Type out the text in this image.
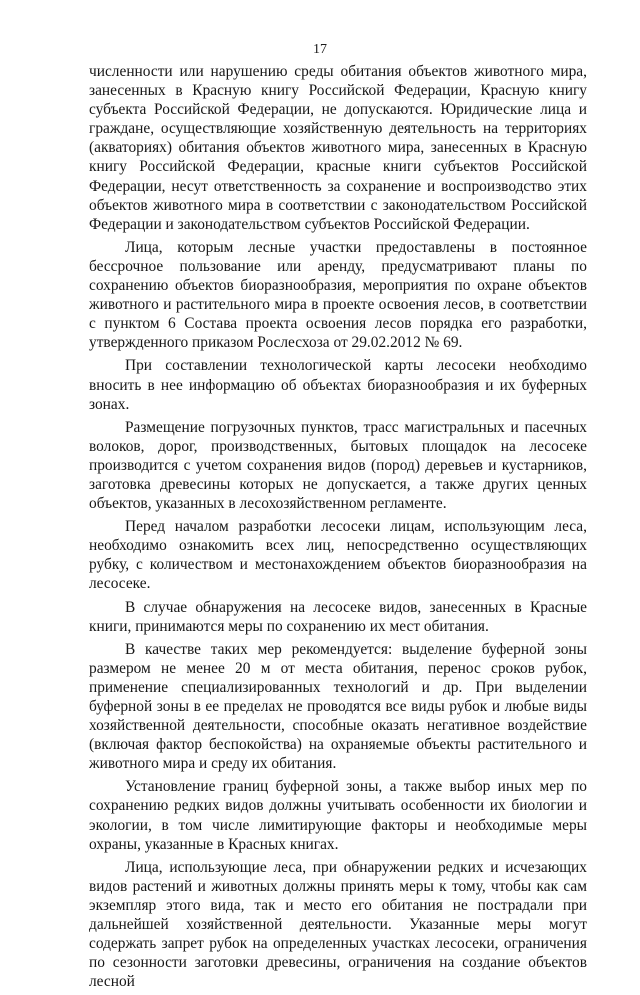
17

численности или нарушению среды обитания объектов животного мира, занесенных в Красную книгу Российской Федерации, Красную книгу субъекта Российской Федерации, не допускаются. Юридические лица и граждане, осуществляющие хозяйственную деятельность на территориях (акваториях) обитания объектов животного мира, занесенных в Красную книгу Российской Федерации, красные книги субъектов Российской Федерации, несут ответственность за сохранение и воспроизводство этих объектов животного мира в соответствии с законодательством Российской Федерации и законодательством субъектов Российской Федерации.

Лица, которым лесные участки предоставлены в постоянное бессрочное пользование или аренду, предусматривают планы по сохранению объектов биоразнообразия, мероприятия по охране объектов животного и растительного мира в проекте освоения лесов, в соответствии с пунктом 6 Состава проекта освоения лесов порядка его разработки, утвержденного приказом Рослесхоза от 29.02.2012 № 69.

При составлении технологической карты лесосеки необходимо вносить в нее информацию об объектах биоразнообразия и их буферных зонах.

Размещение погрузочных пунктов, трасс магистральных и пасечных волоков, дорог, производственных, бытовых площадок на лесосеке производится с учетом сохранения видов (пород) деревьев и кустарников, заготовка древесины которых не допускается, а также других ценных объектов, указанных в лесохозяйственном регламенте.

Перед началом разработки лесосеки лицам, использующим леса, необходимо ознакомить всех лиц, непосредственно осуществляющих рубку, с количеством и местонахождением объектов биоразнообразия на лесосеке.

В случае обнаружения на лесосеке видов, занесенных в Красные книги, принимаются меры по сохранению их мест обитания.

В качестве таких мер рекомендуется: выделение буферной зоны размером не менее 20 м от места обитания, перенос сроков рубок, применение специализированных технологий и др. При выделении буферной зоны в ее пределах не проводятся все виды рубок и любые виды хозяйственной деятельности, способные оказать негативное воздействие (включая фактор беспокойства) на охраняемые объекты растительного и животного мира и среду их обитания.

Установление границ буферной зоны, а также выбор иных мер по сохранению редких видов должны учитывать особенности их биологии и экологии, в том числе лимитирующие факторы и необходимые меры охраны, указанные в Красных книгах.

Лица, использующие леса, при обнаружении редких и исчезающих видов растений и животных должны принять меры к тому, чтобы как сам экземпляр этого вида, так и место его обитания не пострадали при дальнейшей хозяйственной деятельности. Указанные меры могут содержать запрет рубок на определенных участках лесосеки, ограничения по сезонности заготовки древесины, ограничения на создание объектов лесной
